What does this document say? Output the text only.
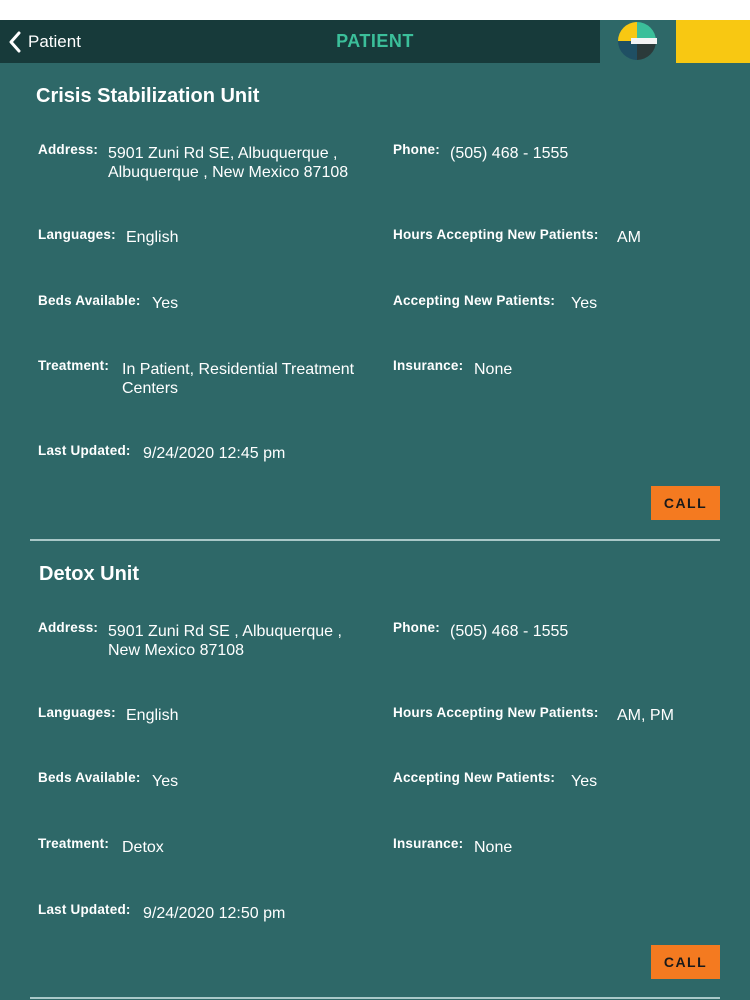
Patient	PATIENT
Crisis Stabilization Unit
Address: 5901 Zuni Rd SE, Albuquerque ,
Albuquerque , New Mexico 87108
Phone: (505) 468 - 1555
Languages: English	Hours Accepting New Patients: AM
Beds Available: Yes	Accepting New Patients: Yes
Treatment: In Patient, Residential Treatment
Centers
Insurance: None
Last Updated: 9/24/2020 12:45 pm
CALL
Detox Unit
Address: 5901 Zuni Rd SE , Albuquerque ,
New Mexico 87108
Phone: (505) 468 - 1555
Languages: English	Hours Accepting New Patients: AM, PM
Beds Available: Yes	Accepting New Patients: Yes
Treatment: Detox	Insurance: None
Last Updated: 9/24/2020 12:50 pm
CALL
